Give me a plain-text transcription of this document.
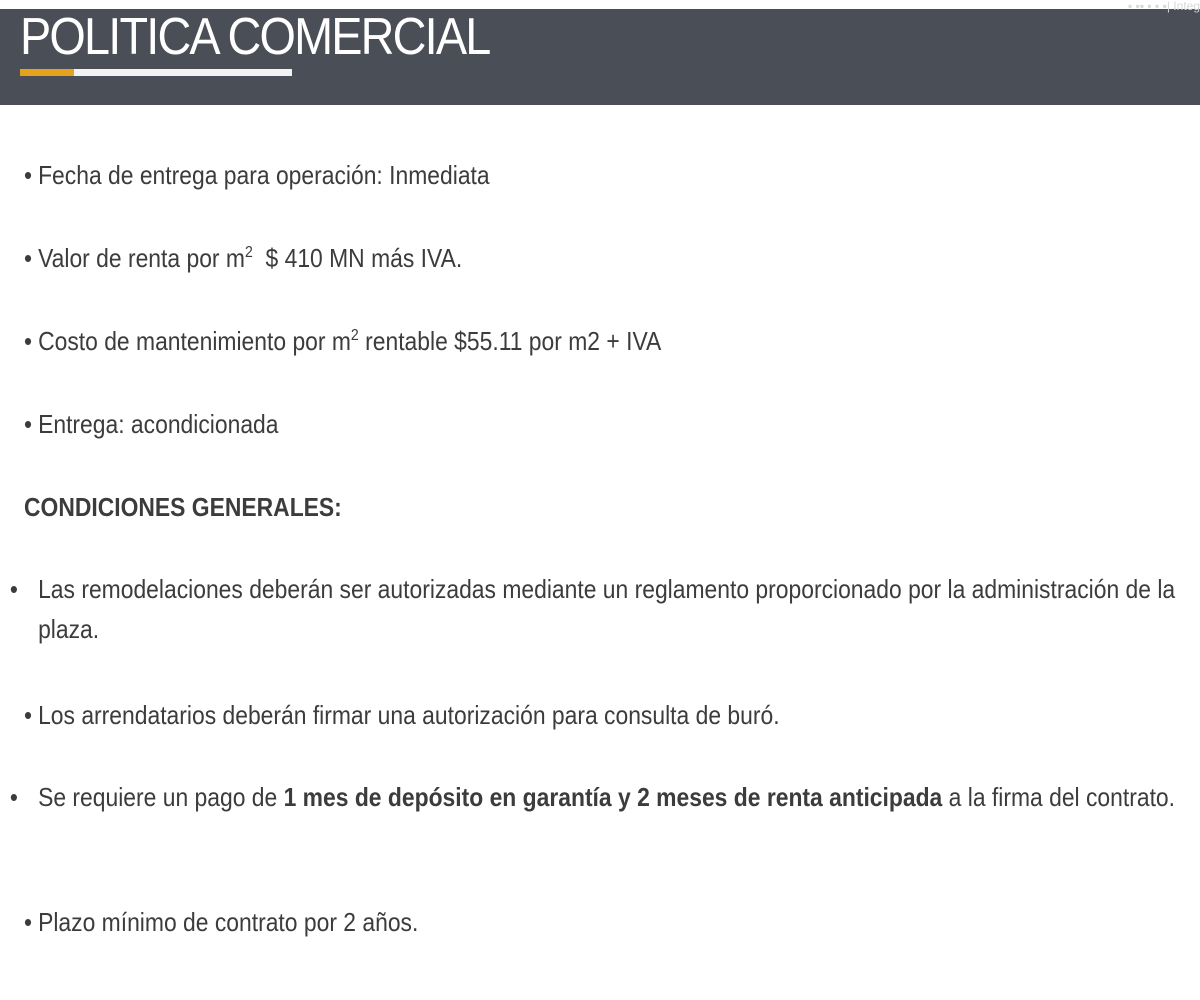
POLITICA COMERCIAL
▪ ▪▪ ▪ ▪ ▪| Integ
• Fecha de entrega para operación: Inmediata
• Valor de renta por $m^2$  $ 410 MN más IVA.
• Costo de mantenimiento por $m^2$ rentable $55.11 por m2 + IVA
• Entrega: acondicionada
CONDICIONES GENERALES:
• Las remodelaciones deberán ser autorizadas mediante un reglamento proporcionado por la administración de la plaza.
• Los arrendatarios deberán firmar una autorización para consulta de buró.
• Se requiere un pago de 1 mes de depósito en garantía y 2 meses de renta anticipada a la firma del contrato.
• Plazo mínimo de contrato por 2 años.
